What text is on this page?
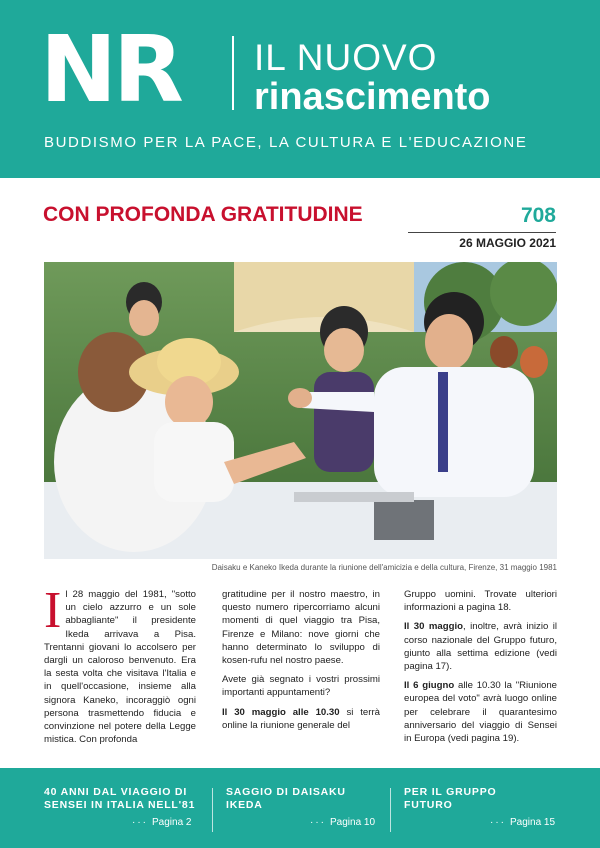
NR IL NUOVO
rinascimento
BUDDISMO PER LA PACE, LA CULTURA E L'EDUCAZIONE
CON PROFONDA GRATITUDINE	708
26 MAGGIO 2021
Daisaku e Kaneko Ikeda durante la riunione dell'amicizia e della cultura, Firenze, 31 maggio 1981
Il 28 maggio del 1981, "sotto un cielo azzurro e un sole abbagliante" il presidente Ikeda arrivava a Pisa. Trentanni giovani lo accolsero per dargli un caloroso benvenuto. Era la sesta volta che visitava l'Italia e in quell'occasione, insieme alla signora Kaneko, incoraggiò ogni persona trasmettendo fiducia e convinzione nel potere della Legge mistica. Con profonda

gratitudine per il nostro maestro, in questo numero ripercorriamo alcuni momenti di quel viaggio tra Pisa, Firenze e Milano: nove giorni che hanno determinato lo sviluppo di kosen-rufu nel nostro paese.

Avete già segnato i vostri prossimi importanti appuntamenti?

Il 30 maggio alle 10.30 si terrà online la riunione generale del

Gruppo uomini. Trovate ulteriori informazioni a pagina 18.

Il 30 maggio, inoltre, avrà inizio il corso nazionale del Gruppo futuro, giunto alla settima edizione (vedi pagina 17).

Il 6 giugno alle 10.30 la "Riunione europea del voto" avrà luogo online per celebrare il quarantesimo anniversario del viaggio di Sensei in Europa (vedi pagina 19).

40 ANNI DAL VIAGGIO DI SENSEI IN ITALIA NELL'81
··· Pagina 2
SAGGIO DI DAISAKU IKEDA
··· Pagina 10
PER IL GRUPPO FUTURO
··· Pagina 15
